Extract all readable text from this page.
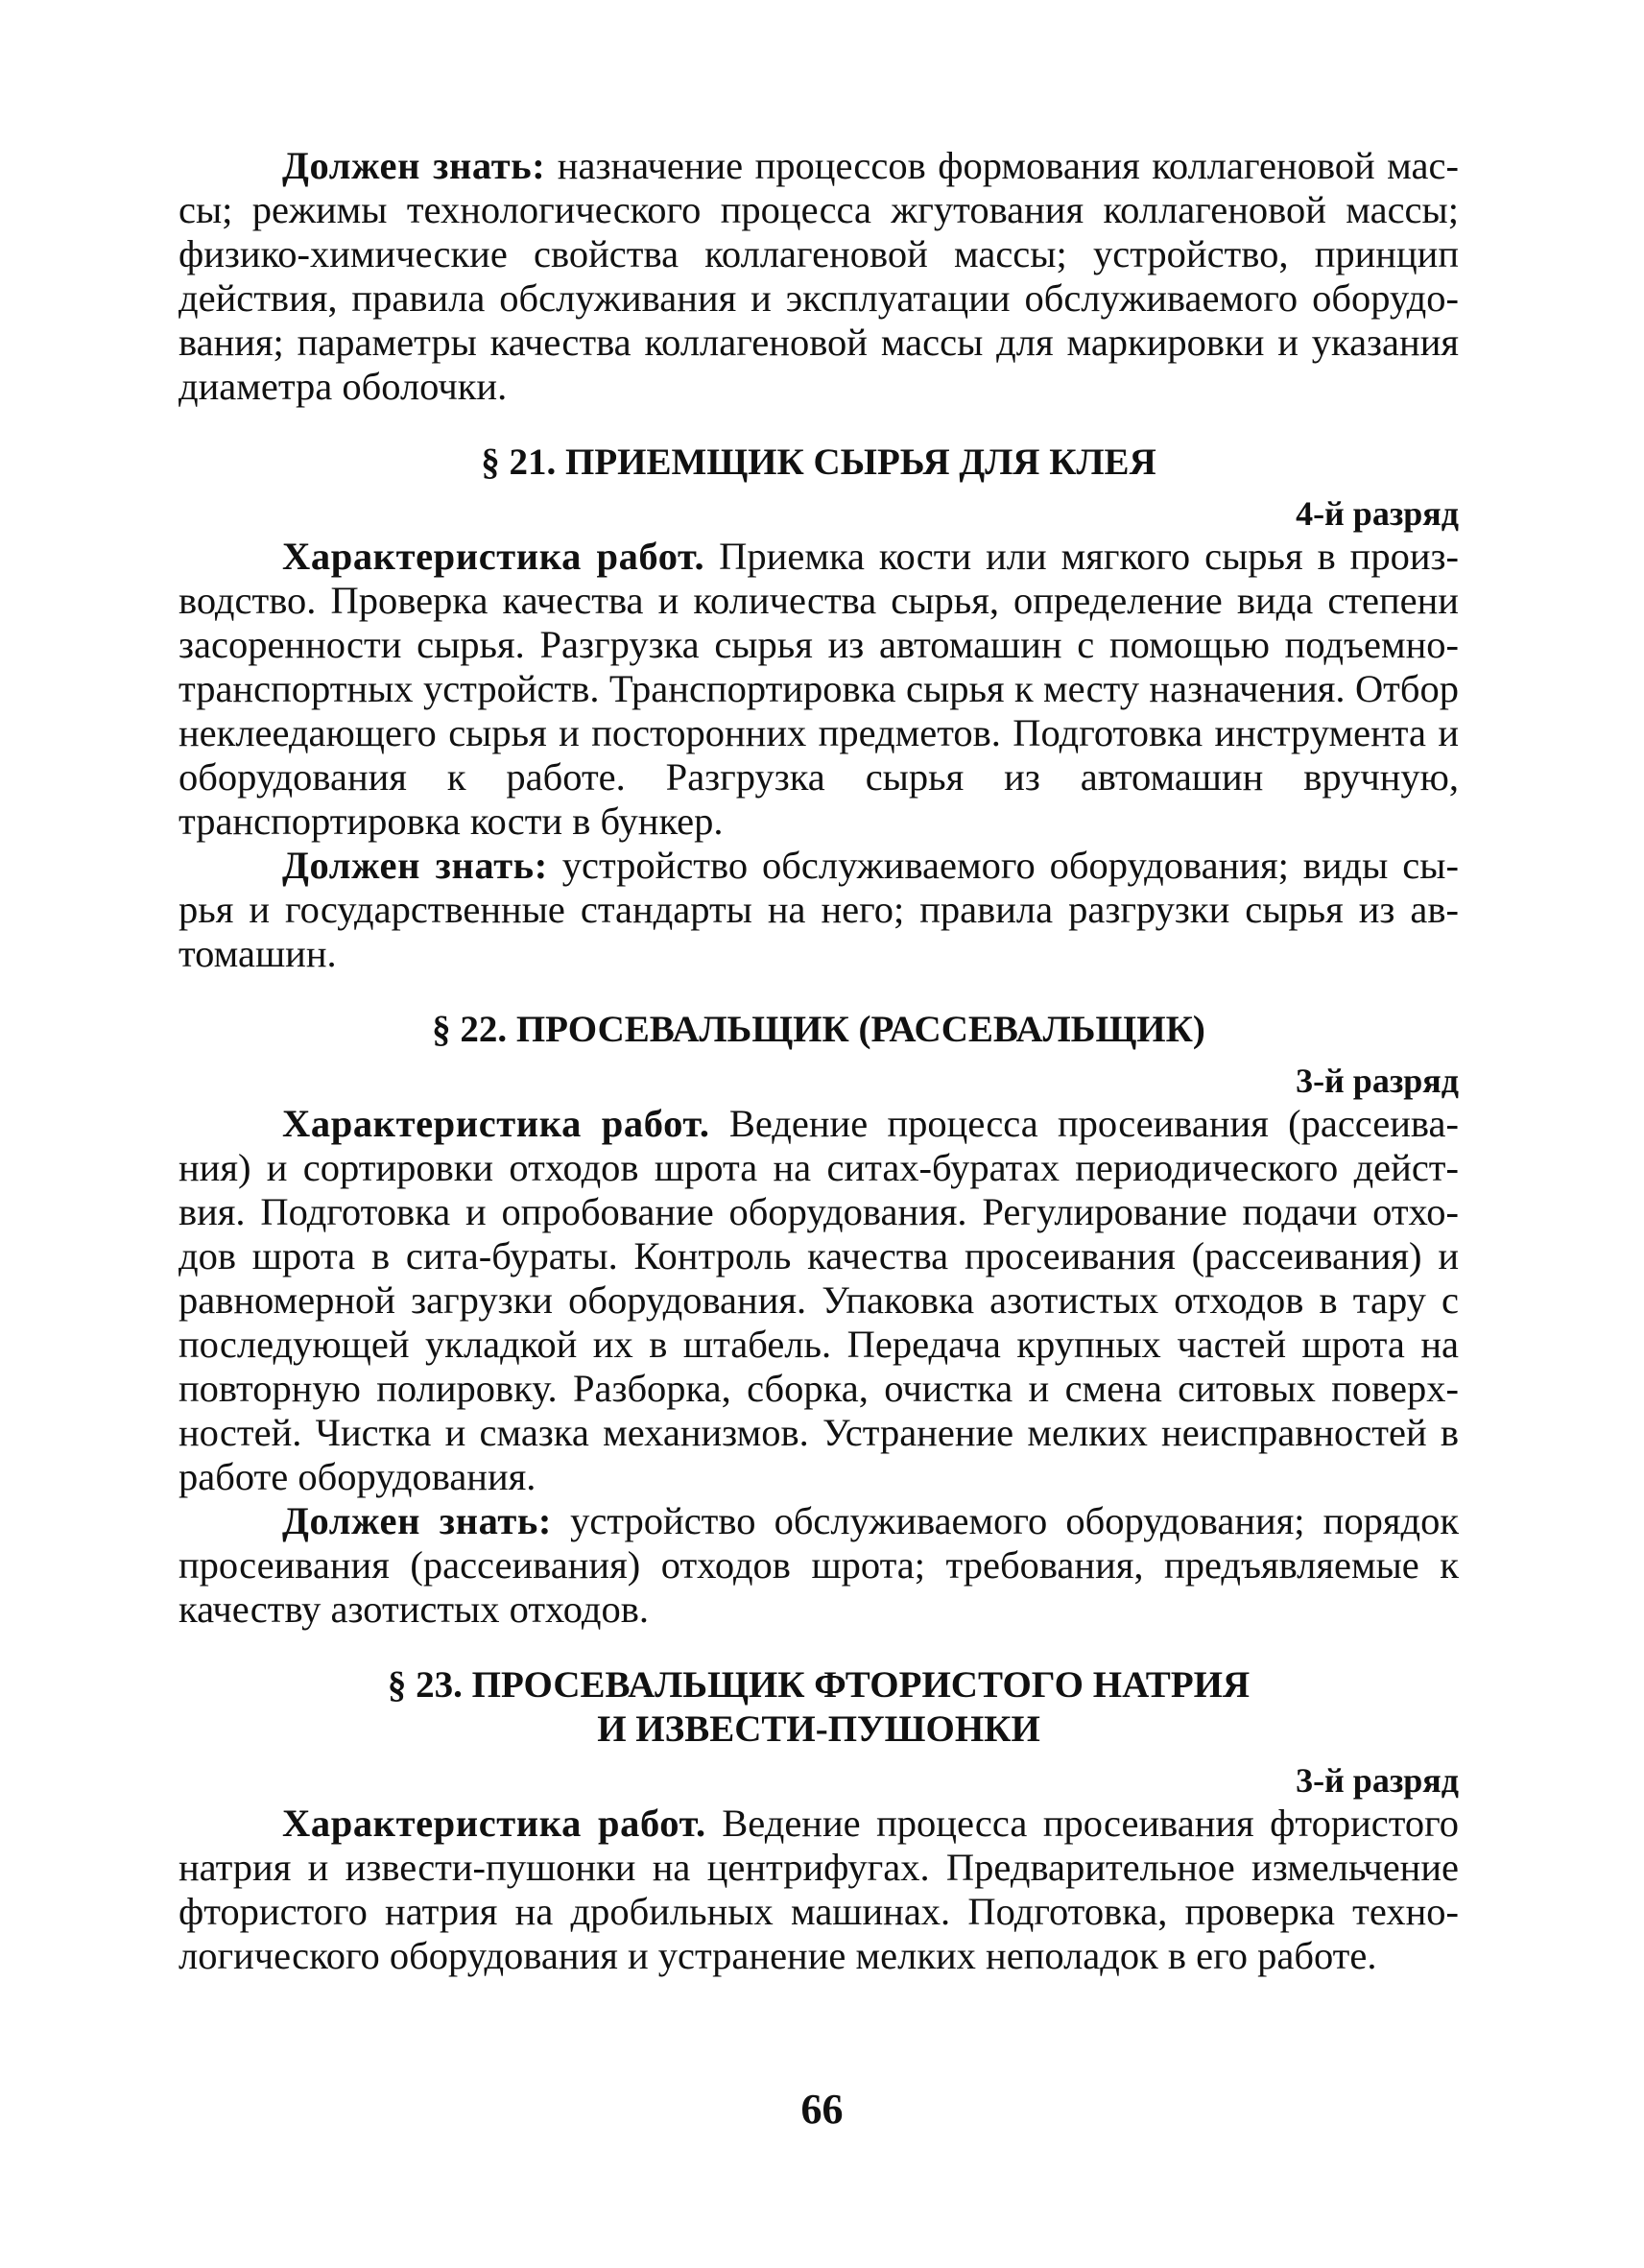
Должен знать: назначение процессов формования коллагеновой массы; режимы технологического процесса жгутования коллагеновой массы; физико-химические свойства коллагеновой массы; устройство, принцип действия, правила обслуживания и эксплуатации обслуживаемого оборудования; параметры качества коллагеновой массы для маркировки и указания диаметра оболочки.

§ 21. ПРИЕМЩИК СЫРЬЯ ДЛЯ КЛЕЯ

4-й разряд

Характеристика работ. Приемка кости или мягкого сырья в производство. Проверка качества и количества сырья, определение вида степени засоренности сырья. Разгрузка сырья из автомашин с помощью подъемно-транспортных устройств. Транспортировка сырья к месту назначения. Отбор неклеедающего сырья и посторонних предметов. Подготовка инструмента и оборудования к работе. Разгрузка сырья из автомашин вручную, транспортировка кости в бункер.

Должен знать: устройство обслуживаемого оборудования; виды сырья и государственные стандарты на него; правила разгрузки сырья из автомашин.

§ 22. ПРОСЕВАЛЬЩИК (РАССЕВАЛЬЩИК)

3-й разряд

Характеристика работ. Ведение процесса просеивания (рассеивания) и сортировки отходов шрота на ситах-буратах периодического действия. Подготовка и опробование оборудования. Регулирование подачи отходов шрота в сита-бураты. Контроль качества просеивания (рассеивания) и равномерной загрузки оборудования. Упаковка азотистых отходов в тару с последующей укладкой их в штабель. Передача крупных частей шрота на повторную полировку. Разборка, сборка, очистка и смена ситовых поверхностей. Чистка и смазка механизмов. Устранение мелких неисправностей в работе оборудования.

Должен знать: устройство обслуживаемого оборудования; порядок просеивания (рассеивания) отходов шрота; требования, предъявляемые к качеству азотистых отходов.

§ 23. ПРОСЕВАЛЬЩИК ФТОРИСТОГО НАТРИЯ
И ИЗВЕСТИ-ПУШОНКИ

3-й разряд

Характеристика работ. Ведение процесса просеивания фтористого натрия и извести-пушонки на центрифугах. Предварительное измельчение фтористого натрия на дробильных машинах. Подготовка, проверка технологического оборудования и устранение мелких неполадок в его работе.

66
